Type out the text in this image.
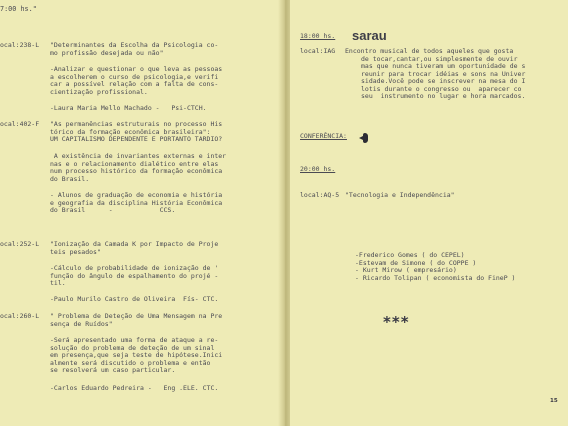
7:00 hs."
ocal:238-L "Determinantes da Escolha da Psicologia co-
mo profissão desejada ou não"
-Analizar e questionar o que leva as pessoas
a escolherem o curso de psicologia,e verifi
car a possível relação com a falta de cons-
cientização profissional.
-Laura Maria Mello Machado -   Psi-CTCH.
ocal:402-F "As permanências estruturais no processo His
tórico da formação econômica brasileira":
UM CAPITALISMO DEPENDENTE E PORTANTO TARDIO?
A existência de invariantes externas e inter
nas e o relacionamento dialético entre elas
num processo histórico da formação econômica
do Brasil.
- Alunos de graduação de economia e história
e geografia da disciplina História Econômica
do Brasil      -            CCS.
ocal:252-L "Ionização da Camada K por Impacto de Proje
teis pesados"
-Cálculo de probabilidade de ionização de '
função do ângulo de espalhamento do projé -
til.
-Paulo Murilo Castro de Oliveira  Fís- CTC.
ocal:260-L " Problema de Deteção de Uma Mensagem na Pre
sença de Ruídos"
-Será apresentado uma forma de ataque a re-
solução do problema de deteção de um sinal
em presença,que seja teste de hipótese.Inici
almente será discutido o problema e então
se resolverá um caso particular.
-Carlos Eduardo Pedreira -   Eng .ELE. CTC.
18:00 hs. sarau
local:IAG Encontro musical de todos aqueles que gosta
de tocar,cantar,ou simplesmente de ouvir
mas que nunca tiveram um oportunidade de s
reunir para trocar idéias e sons na Univer
sidade.Você pode se inscrever na mesa do I
lotis durante o congresso ou  aparecer co
seu  instrumento no lugar e hora marcados.
CONFERÊNCIA:
20:00 hs.
local:AQ-5 "Tecnologia e Independência"
-Frederico Gomes ( do CEPEL)
-Estevam de Simone ( do COPPE )
- Kurt Mirow ( empresário)
- Ricardo Tolipan ( economista do FineP )
***
15
